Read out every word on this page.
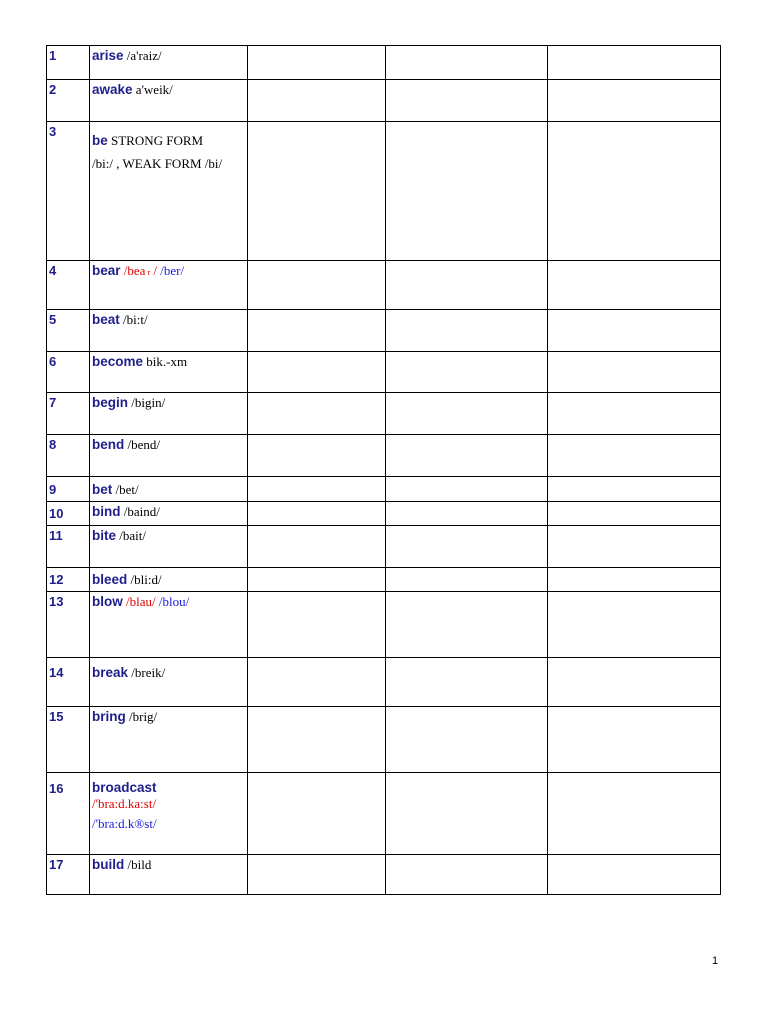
1	arise /a'raiz/			
2	awake a'weik/			
3	be STRONG FORM
/bi:/ , WEAK FORM /bi/			

4	bear /bea r / /ber/			
5	beat /bi:t/			
6	become bik.-xm			
7	begin /bigin/			
8	bend /bend/			
9	bet /bet/			
10	bind /baind/			
11	bite /bait/			
12	bleed /bli:d/			
13	blow /blau/ /blou/			
14	break /breik/			
15	bring /brig/			
16	broadcast
/'bra:d.ka:st/
/'bra:d.k®st/			

17	build /bild			
1
